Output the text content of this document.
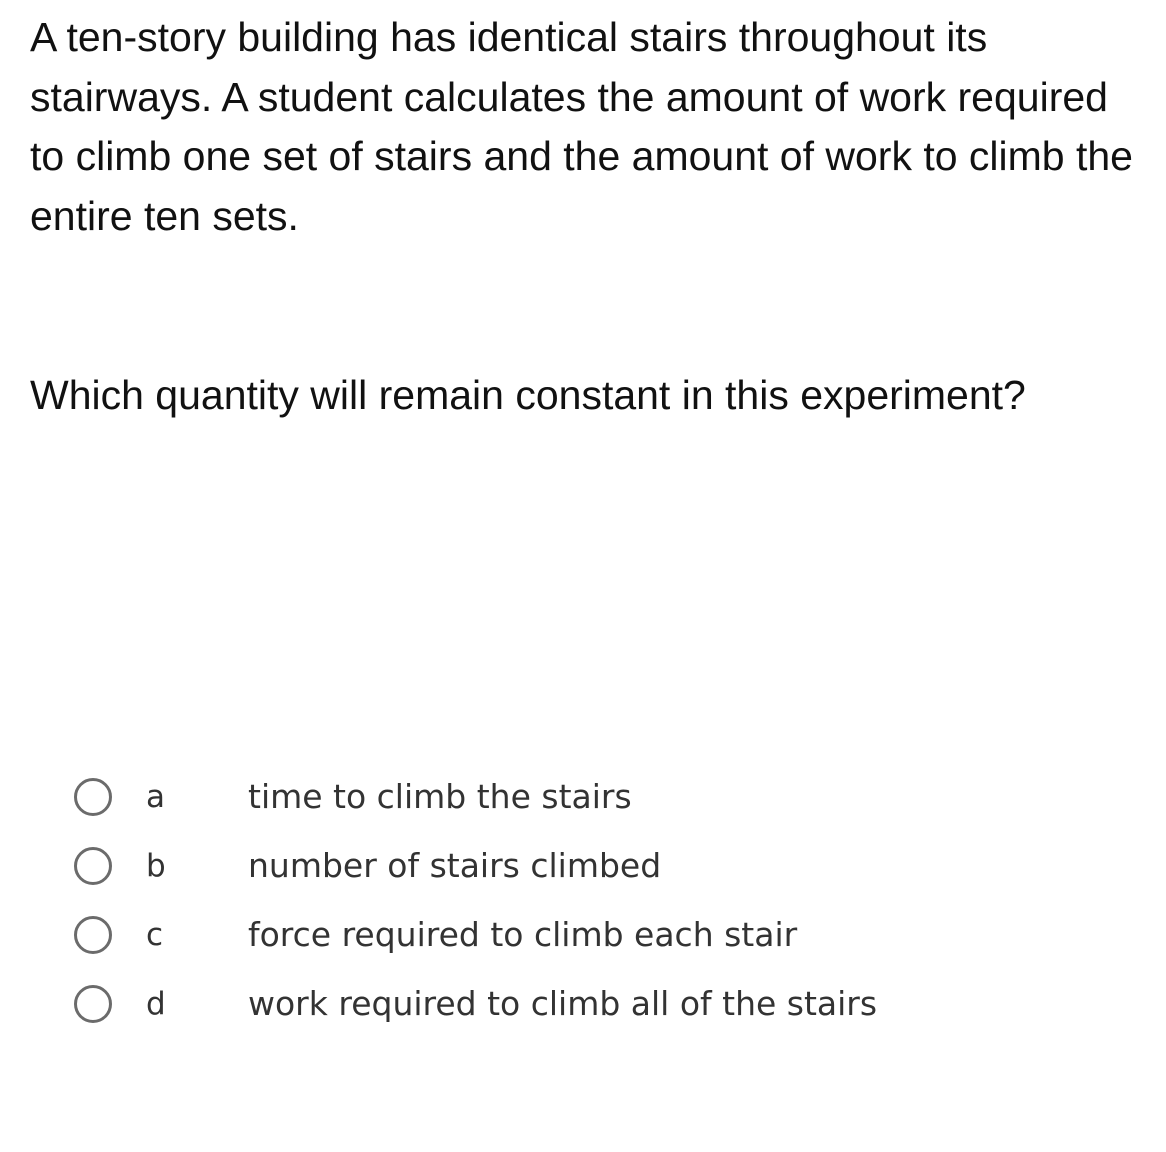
A ten-story building has identical stairs throughout its stairways. A student calculates the amount of work required to climb one set of stairs and the amount of work to climb the entire ten sets.

Which quantity will remain constant in this experiment?

a	time to climb the stairs
b number of stairs climbed
c	force required to climb each stair
d work required to climb all of the stairs
